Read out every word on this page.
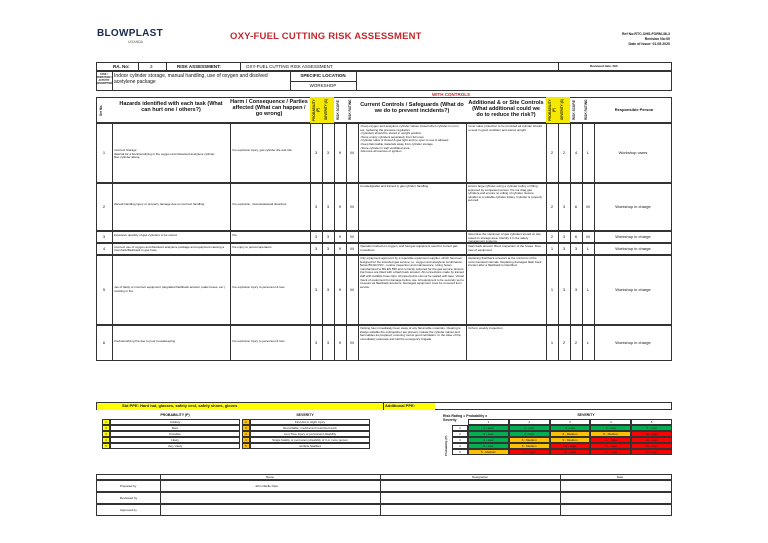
BLOWPLAST
UGANDA	OXY-FUEL CUTTING RISK ASSESSMENT	Ref No:RTC-OHS-FORM-36-3
Revision No:00
Date of Issue: 01.05.2020
RA. No:	3	RISK ASSESSMENT:	OXY-FUEL CUTTING RISK ASSESSMENT	Reviewed date: N/A
TASK / OPERATION / ACTIVITY DESCRIPTION:
Indoor cylinder storage, manual handling, use of oxygen and disolved acetylene package
SPECIFIC LOCATION
WORKSHOP
WITH CONTROLS
Ser No.
Hazards identified with each task (What can hurt one / others?)
Harm / Consequence / Parties affected (What can happen / go wrong)	PROBABILITY (P) SEVERITY (S)	RISK SCORE	RISK RATING	Current Controls / Safeguards (What do we do to prevent incidents?)
Additional & or Site Controls (What additional could we do to reduce the risk?)	PROBABILITY (P) SEVERITY (S)	RISK SCORE	RISK RATING	Responsible Person
1	Incorrect Storage
Material for a fire/intensifying in the oxygen and dissolved acetylene cylinder
Also cylinder abuse
Fire explosion injury, gas cylinder die and risk	3	3	9	M
• Keep oxygen and acetylene cylinder valves closed when cylinder is not in use, replacing the pressure regulators
• Cylinders should be stored in upright position
• Store empty cylinders separately from full ones
• Cylinder valve is closed & gas tight and no open to use is allowed
• Keep flammable materials away from cylinder storage
• Store cylinder in well ventilated area
• Remove all sources of ignition
Cover valve protection to be provided all cylinder should be kept in good condition and stored upright
2	2	4	L	Workshop users
2	Manual handling injury or property damage due to incorrect handling	Fire explosion, musculoskeletal disorders	3	3	9	M
Knowledgeable and trained in gas cylinder handling	Ensure large cylinder using a cylinder trolley or lifting approved by competent person. Do not drag gas cylinders and ensure no rolling of cylinder. Secure cylinder to a suitable cylinder trolley. Cylinder is properly secured.
2	3	6	M	Workshop in charge
3	Excessive quantity of gas cylinders to be stored	Fire	3	3	9	M	Determine the maximum of gas cylinders stored on site based on storage area. Identify it in the safety management systems.
2	3	6	M	Workshop in charge
4	Incorrect use of oxygen and dissolved acetylene package and equipment causing a blow-back/flashback in gas hose
Fire injury to person/operators	3	3	9	M	Operation trained on oxygen, and fuel gas equipment used for correct gas procedures
Flash back arrestor fitted. Inspection of the hoses. Free lines of equipment	1	3	3	L	Workshop in charge
5	Use of faulty or incorrect equipment (degraded flashback arrestor, leaks hoses, etc.) resulting in fire
Fire explosion injury to personnel & loss	3	3	9	M
Only equipment approved by a reputable equipment supplier, which has been designed for the intended gas service, i.e. oxygen and acetylene combination. Below BS EN ISO - routine inspection and maintenance. Using hoses manufactured to BS EN 559 and correctly coloured for the gas service. Ensure that hoses are fitted with a flash back arrestor. All connections made by trained staff with suitable hose clips. All piped joints cannot be sealed with tape. Visual check of equipment for damage before use. All equipment to be securely set to pressure as flashback arrestors. Damaged equipment must be removed from service.
Replacing flashback arrestors at the minimum of the recommended intervals. Replacing damaged flash back arrestor after a flashback is identified.
1	3	3	L	Workshop in charge
6	Fire/intensifying fire due to poor housekeeping	Fire explosion injury to personnel & loss	3	3	9	M
Packing has immediately been away of any flammable materials. Clearing is always suitable fire extinguisher are present, Isolate the cylinder valves and flammables as prepared, ensuring rooms good ventilation. In the case of fire, immediately evacuate and call fire emergency brigade.
Perform weekly inspection
1	2	2	L	Workshop in charge
Std PPE: Hard hat, glasses, safety vest, safety shoes, gloves	Additional PPE:
PROBABILITY (P)
1	Unlikely
2	Rare
3	Possible
4	Likely
5	Very Likely
SEVERITY
1	First Aid or slight injury
2	Recordable, medical and restricted work
3	Lost Time Injury or permanent disability
4	Single fatality or permanent disability of 3 or more person
5	multiple fatalities
Risk Rating = Probability x Severity
SEVERITY
Probability (P)
1	2	3	4	5
1	1 - Low	2 - Low	3 - Low	4 - Low	5 - Low
2	2 - Low	4 - Low	6 - Medium	8 - Medium	10 - High
3	3 - Low	6 - Medium	9 - Medium	12 - High	15 - High
4	4 - Low	8 - Medium	12 - High	16 - High	20 - High
5	5 - Medium	10 - High	15 - High	20 - High	25 - High
Name	Designation	Date
Prepared by	John Okello Opio
Reviewed by
Approved by
